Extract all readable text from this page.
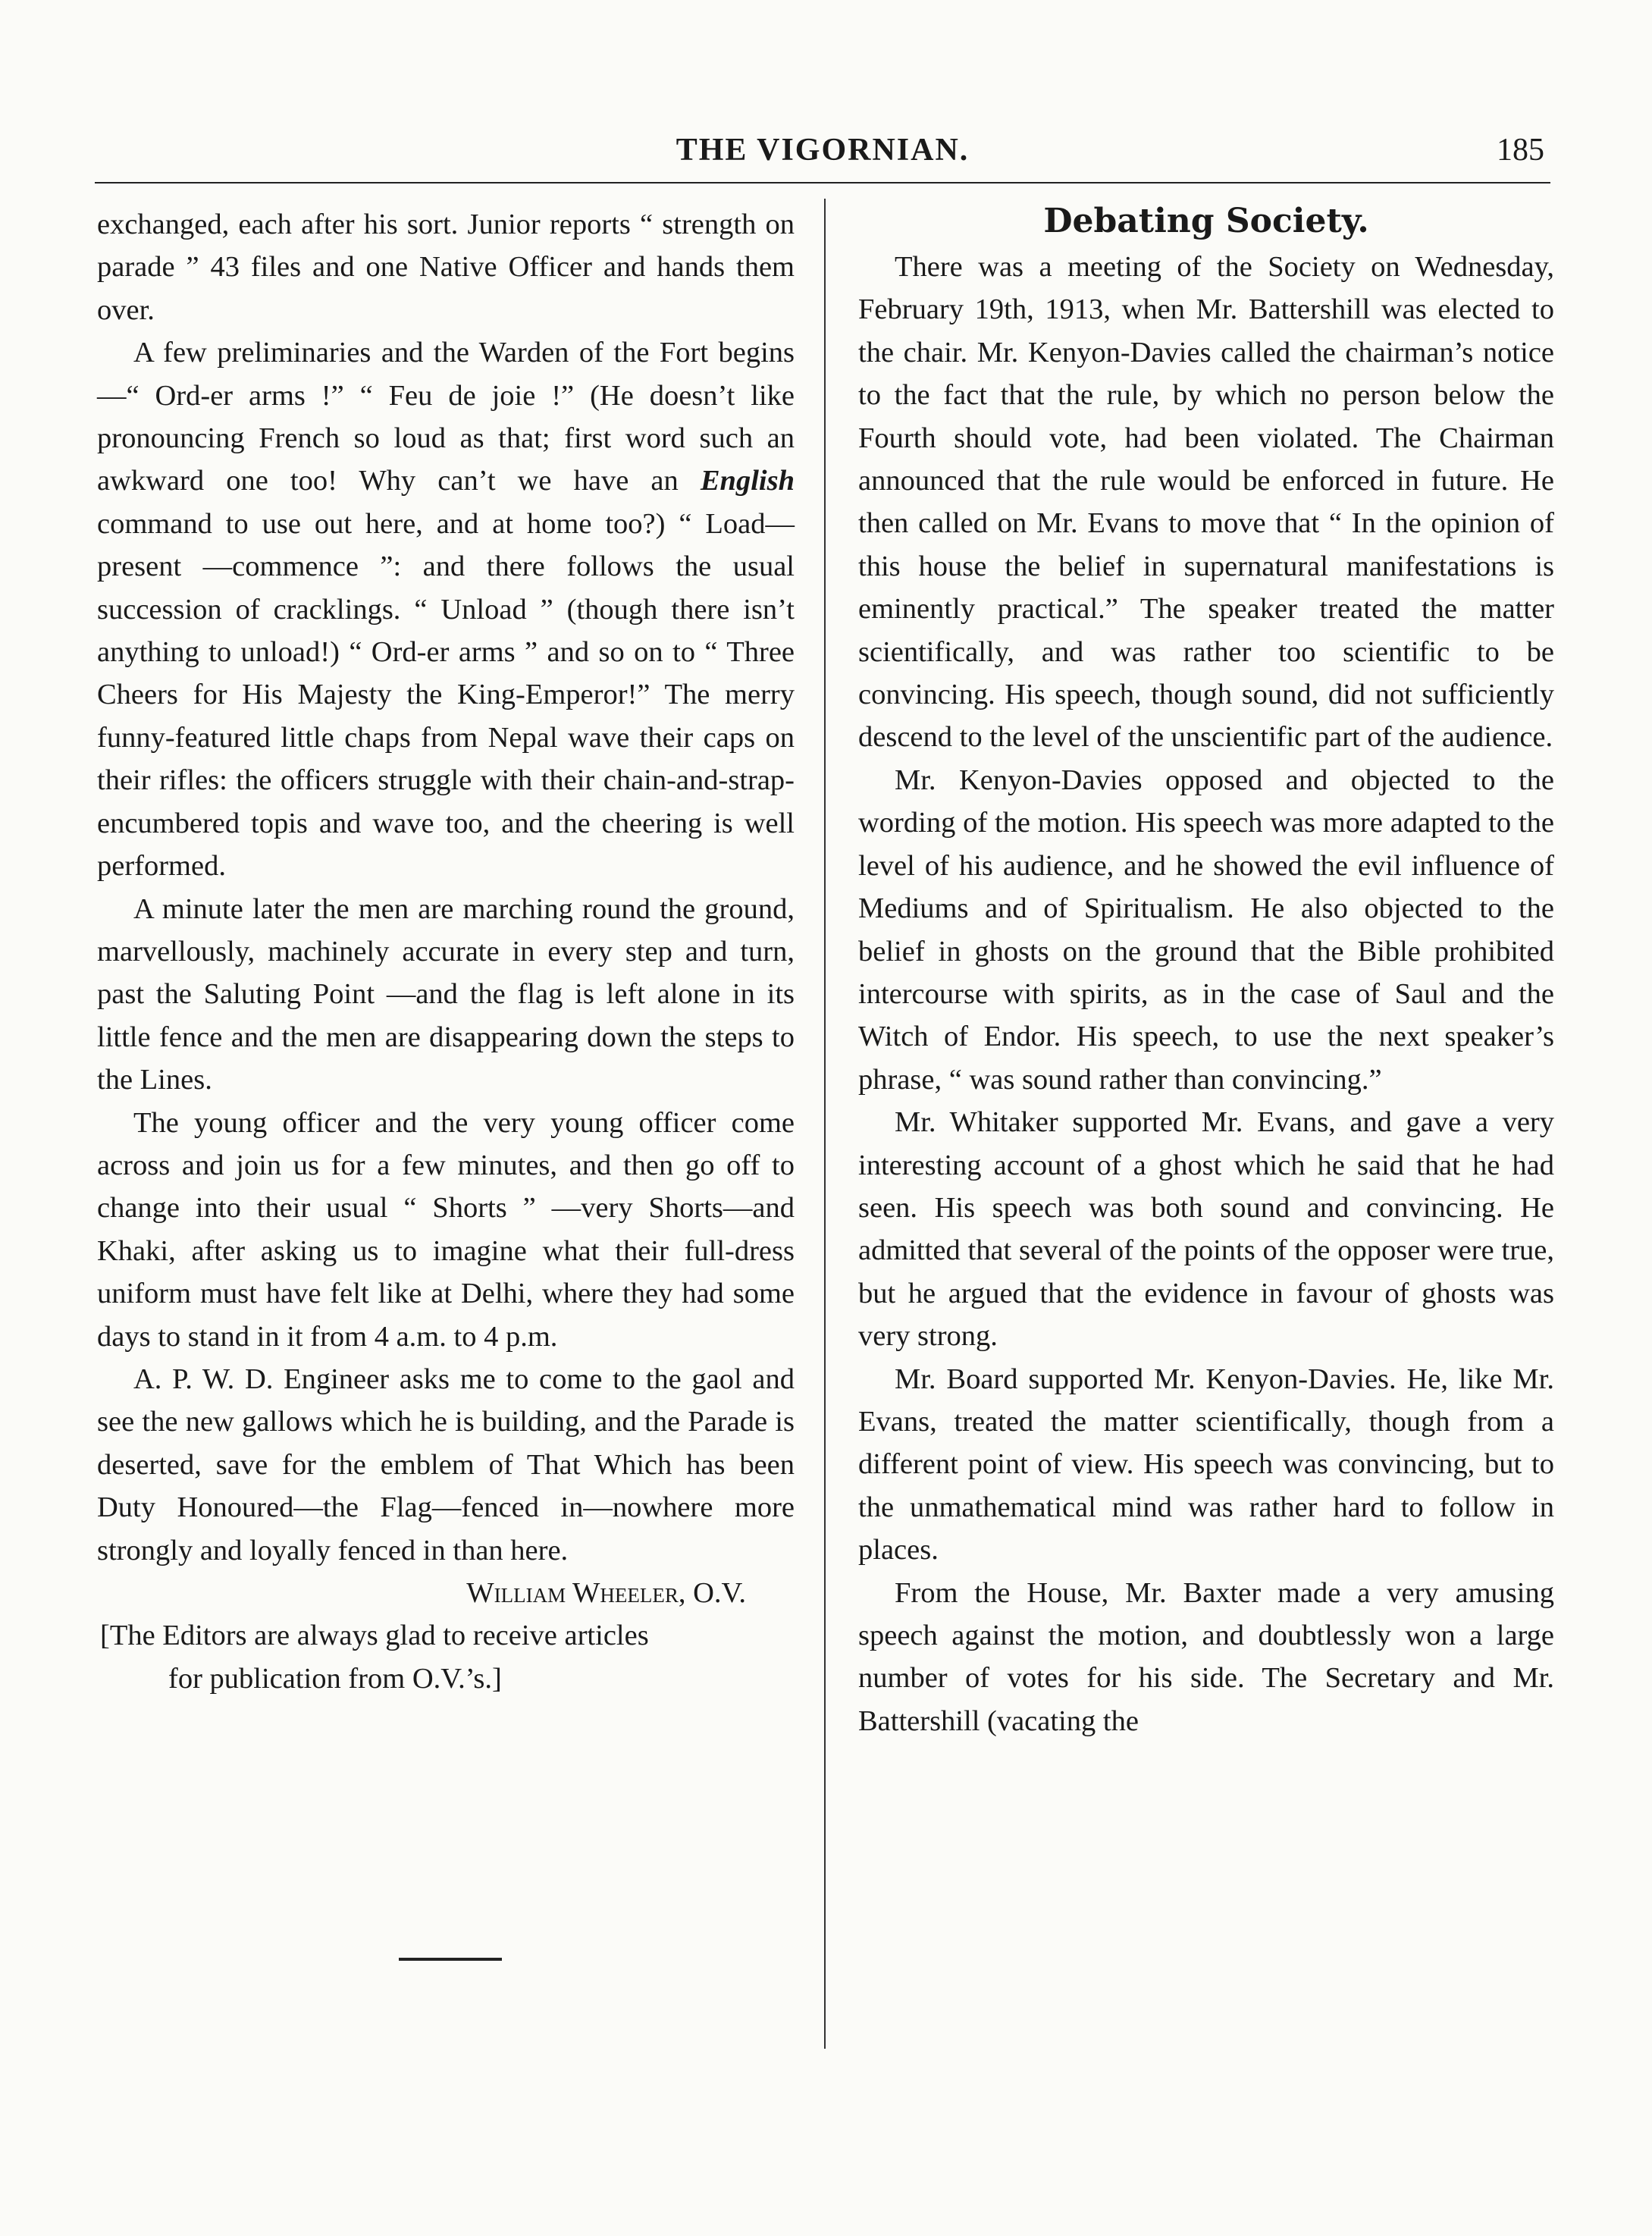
THE VIGORNIAN.	185

exchanged, each after his sort. Junior reports “ strength on parade ” 43 files and one Native Officer and hands them over.

A few preliminaries and the Warden of the Fort begins—“ Ord-er arms !” “ Feu de joie !” (He doesn’t like pronouncing French so loud as that; first word such an awkward one too! Why can’t we have an English command to use out here, and at home too?) “ Load—present —commence ”: and there follows the usual succession of cracklings. “ Unload ” (though there isn’t anything to unload!) “ Ord-er arms ” and so on to “ Three Cheers for His Majesty the King-Emperor!” The merry funny-featured little chaps from Nepal wave their caps on their rifles: the officers struggle with their chain-and-strap-encumbered topis and wave too, and the cheering is well performed.

A minute later the men are marching round the ground, marvellously, machinely accurate in every step and turn, past the Saluting Point —and the flag is left alone in its little fence and the men are disappearing down the steps to the Lines.

The young officer and the very young officer come across and join us for a few minutes, and then go off to change into their usual “ Shorts ” —very Shorts—and Khaki, after asking us to imagine what their full-dress uniform must have felt like at Delhi, where they had some days to stand in it from 4 a.m. to 4 p.m.

A. P. W. D. Engineer asks me to come to the gaol and see the new gallows which he is building, and the Parade is deserted, save for the emblem of That Which has been Duty Honoured—the Flag—fenced in—nowhere more strongly and loyally fenced in than here.

William Wheeler, O.V.

[The Editors are always glad to receive articles
for publication from O.V.’s.]

Debating Society.

There was a meeting of the Society on Wednesday, February 19th, 1913, when Mr. Battershill was elected to the chair. Mr. Kenyon-Davies called the chairman’s notice to the fact that the rule, by which no person below the Fourth should vote, had been violated. The Chairman announced that the rule would be enforced in future. He then called on Mr. Evans to move that “ In the opinion of this house the belief in supernatural manifestations is eminently practical.” The speaker treated the matter scientifically, and was rather too scientific to be convincing. His speech, though sound, did not sufficiently descend to the level of the unscientific part of the audience.

Mr. Kenyon-Davies opposed and objected to the wording of the motion. His speech was more adapted to the level of his audience, and he showed the evil influence of Mediums and of Spiritualism. He also objected to the belief in ghosts on the ground that the Bible prohibited intercourse with spirits, as in the case of Saul and the Witch of Endor. His speech, to use the next speaker’s phrase, “ was sound rather than convincing.”

Mr. Whitaker supported Mr. Evans, and gave a very interesting account of a ghost which he said that he had seen. His speech was both sound and convincing. He admitted that several of the points of the opposer were true, but he argued that the evidence in favour of ghosts was very strong.

Mr. Board supported Mr. Kenyon-Davies. He, like Mr. Evans, treated the matter scientifically, though from a different point of view. His speech was convincing, but to the unmathematical mind was rather hard to follow in places.

From the House, Mr. Baxter made a very amusing speech against the motion, and doubtlessly won a large number of votes for his side. The Secretary and Mr. Battershill (vacating the
